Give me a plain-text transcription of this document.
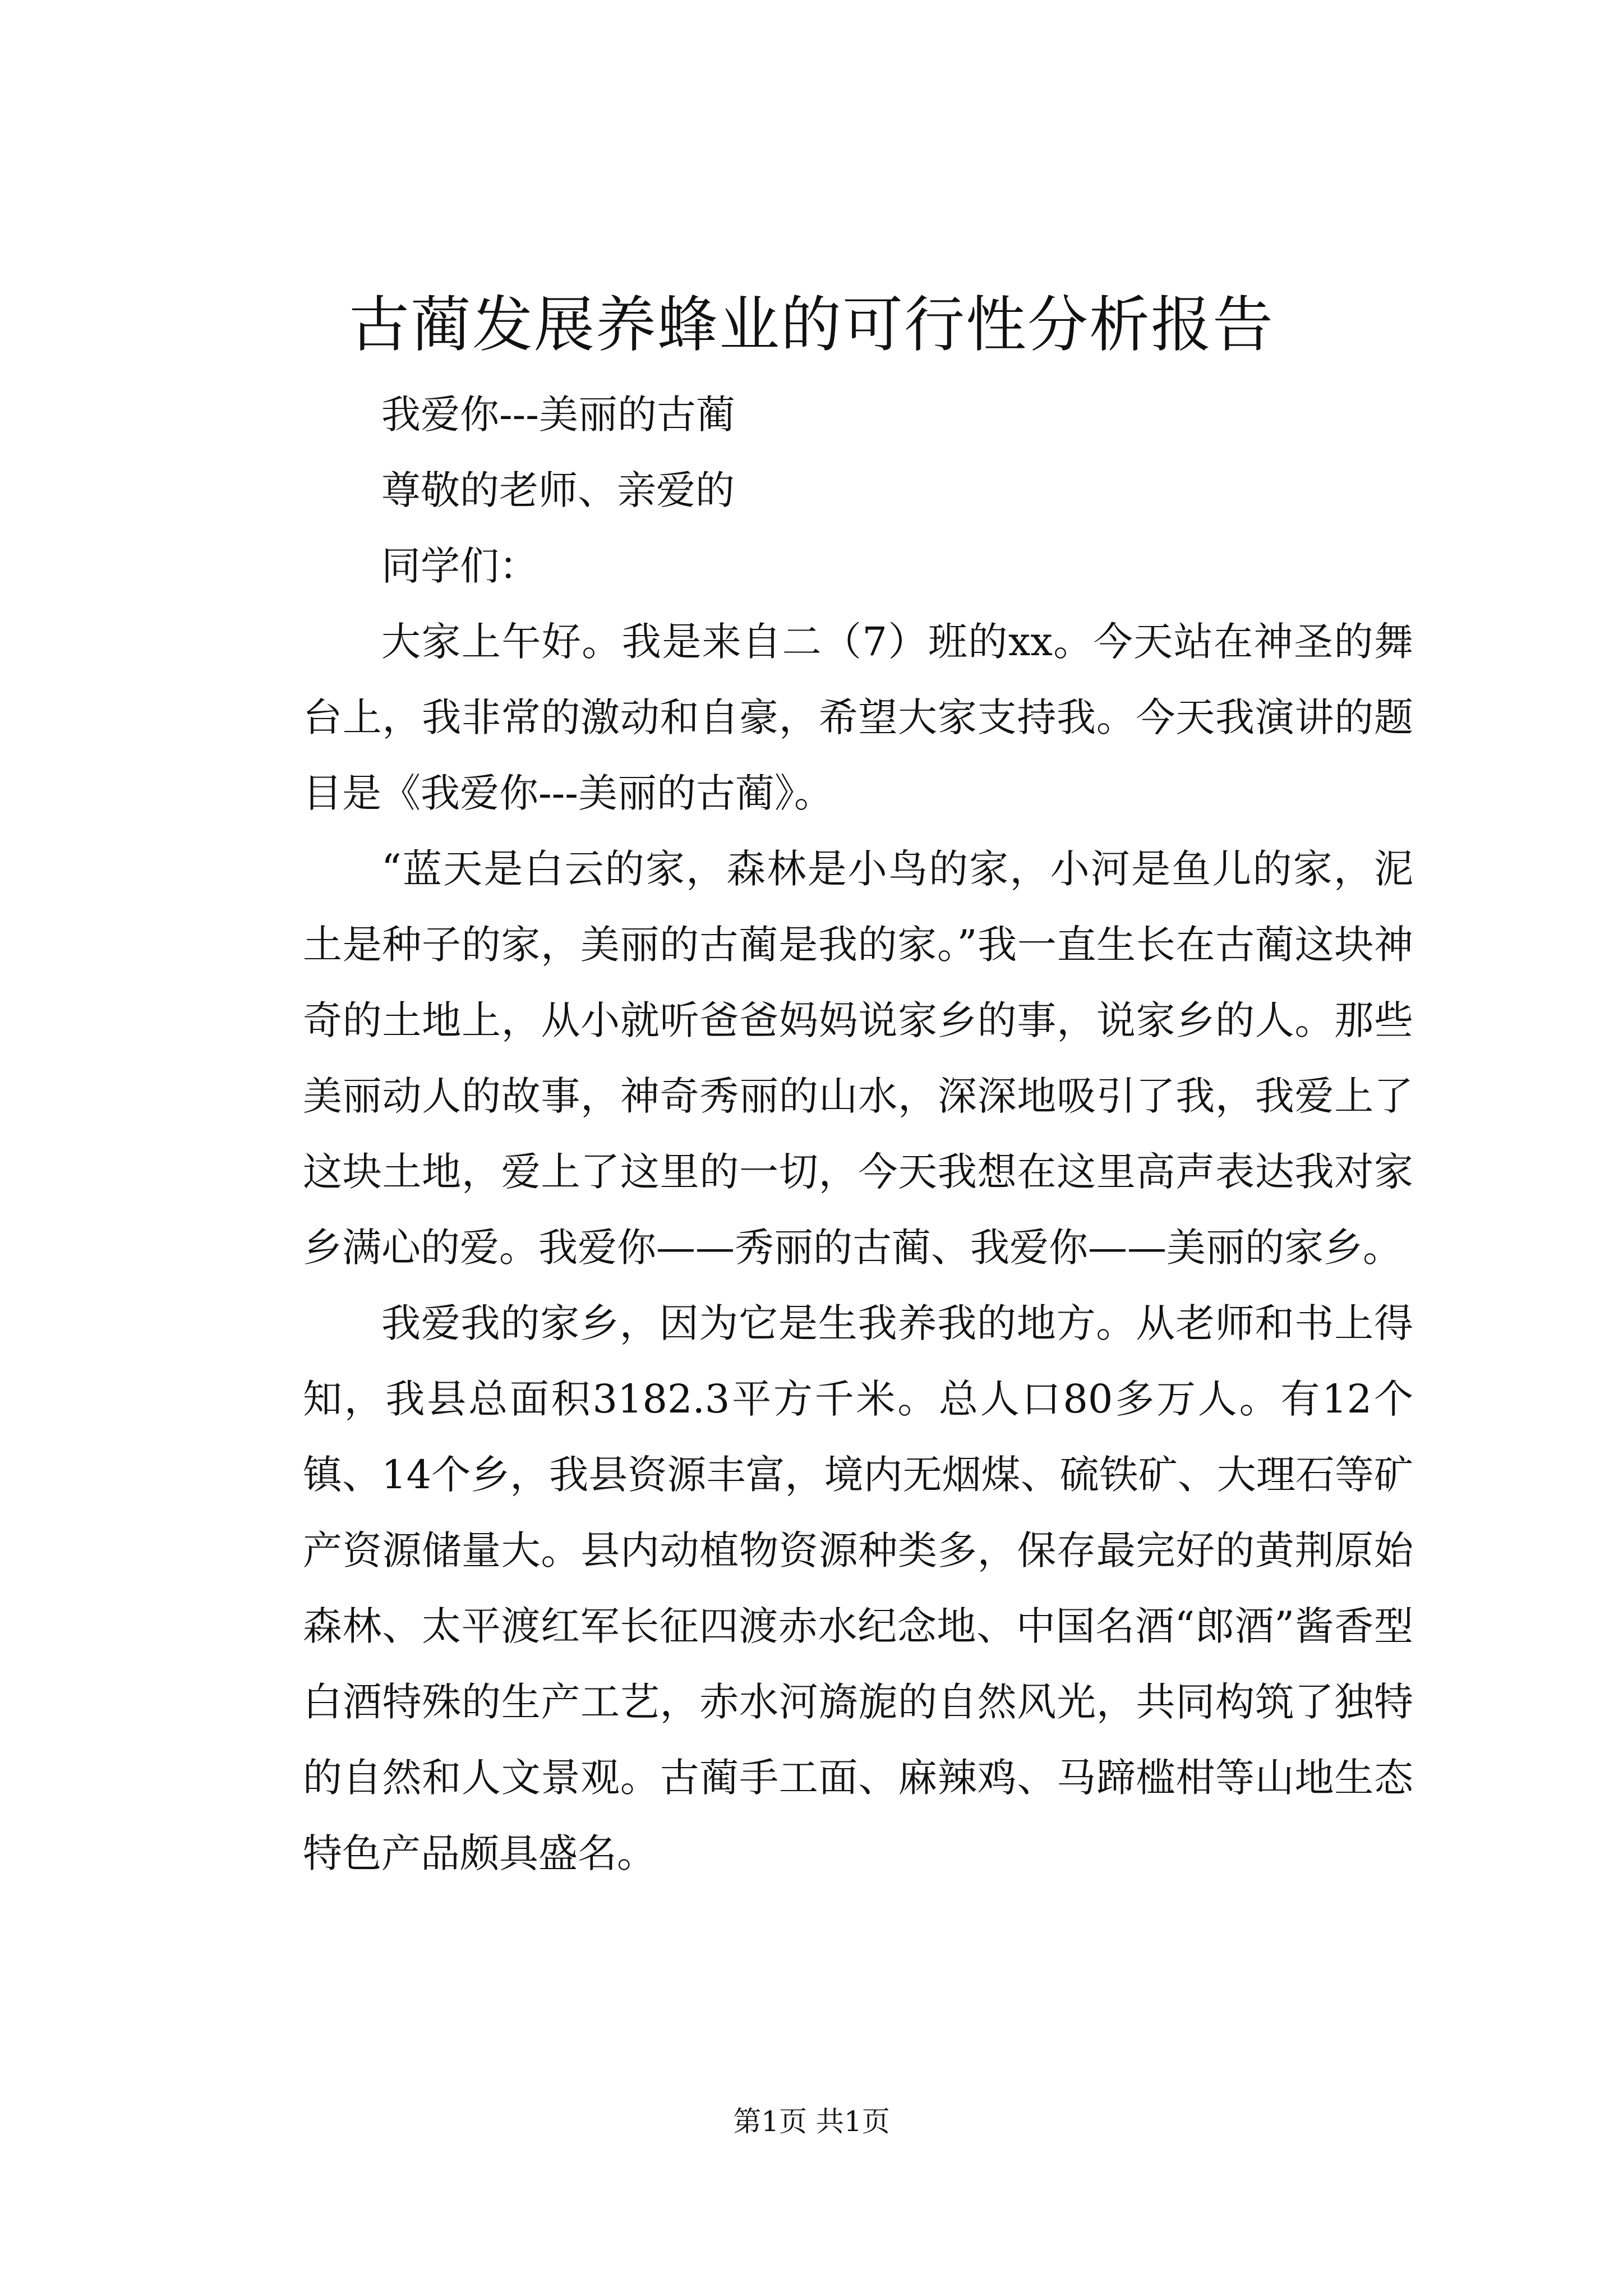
古蔺发展养蜂业的可行性分析报告

我爱你---美丽的古蔺

尊敬的老师、亲爱的

同学们：

大家上午好。我是来自二（7）班的xx。今天站在神圣的舞台上，我非常的激动和自豪，希望大家支持我。今天我演讲的题目是《我爱你---美丽的古蔺》。

“蓝天是白云的家，森林是小鸟的家，小河是鱼儿的家，泥土是种子的家，美丽的古蔺是我的家。”我一直生长在古蔺这块神奇的土地上，从小就听爸爸妈妈说家乡的事，说家乡的人。那些美丽动人的故事，神奇秀丽的山水，深深地吸引了我，我爱上了这块土地，爱上了这里的一切，今天我想在这里高声表达我对家乡满心的爱。我爱你——秀丽的古蔺、我爱你——美丽的家乡。

我爱我的家乡，因为它是生我养我的地方。从老师和书上得知，我县总面积3182.3平方千米。总人口80多万人。有12个镇、14个乡，我县资源丰富，境内无烟煤、硫铁矿、大理石等矿产资源储量大。县内动植物资源种类多，保存最完好的黄荆原始森林、太平渡红军长征四渡赤水纪念地、中国名酒“郎酒”酱香型白酒特殊的生产工艺，赤水河旖旎的自然风光，共同构筑了独特的自然和人文景观。古蔺手工面、麻辣鸡、马蹄槛柑等山地生态特色产品颇具盛名。

第1页 共1页
